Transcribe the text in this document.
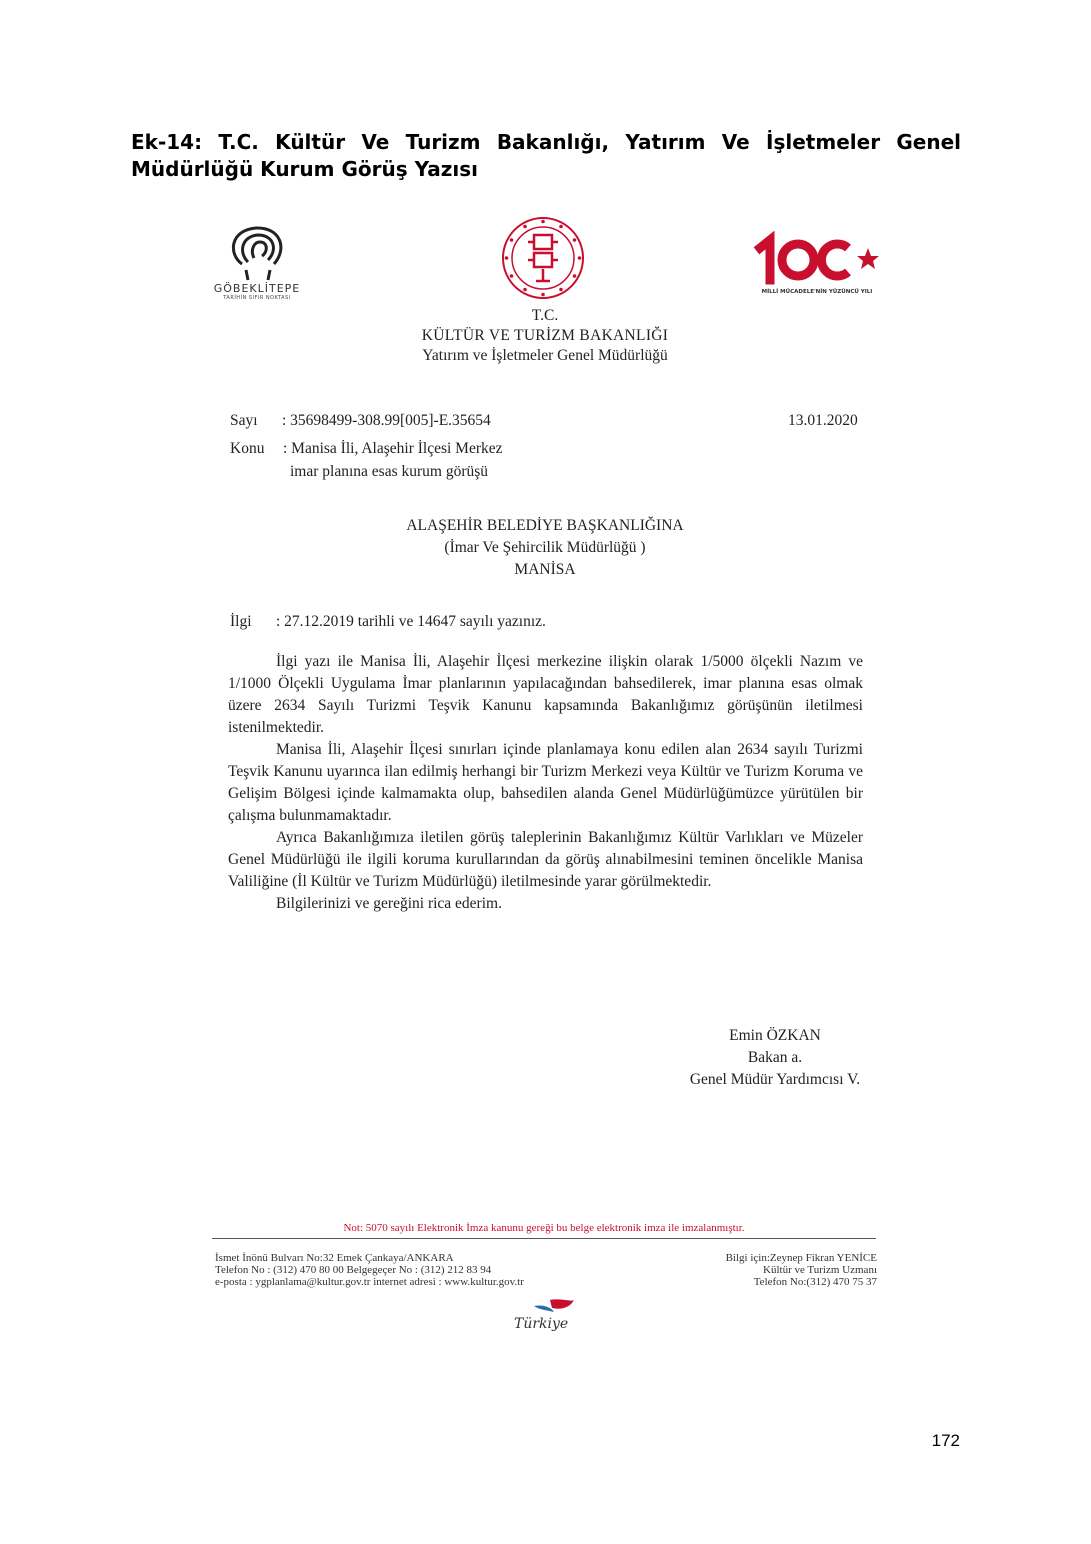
Ek-14: T.C. Kültür Ve Turizm Bakanlığı, Yatırım Ve İşletmeler Genel Müdürlüğü Kurum Görüş Yazısı
GÖBEKLİTEPE
TARİHİN SIFIR NOKTASI
MİLLİ MÜCADELE'NİN YÜZÜNCÜ YILI
T.C.
KÜLTÜR VE TURİZM BAKANLIĞI
Yatırım ve İşletmeler Genel Müdürlüğü
Sayı : 35698499-308.99[005]-E.35654	13.01.2020
Konu : Manisa İli, Alaşehir İlçesi Merkez
imar planına esas kurum görüşü
ALAŞEHİR BELEDİYE BAŞKANLIĞINA
(İmar Ve Şehircilik Müdürlüğü )
MANİSA
İlgi : 27.12.2019 tarihli ve 14647 sayılı yazınız.

İlgi yazı ile Manisa İli, Alaşehir İlçesi merkezine ilişkin olarak 1/5000 ölçekli Nazım ve 1/1000 Ölçekli Uygulama İmar planlarının yapılacağından bahsedilerek, imar planına esas olmak üzere 2634 Sayılı Turizmi Teşvik Kanunu kapsamında Bakanlığımız görüşünün iletilmesi istenilmektedir.

Manisa İli, Alaşehir İlçesi sınırları içinde planlamaya konu edilen alan 2634 sayılı Turizmi Teşvik Kanunu uyarınca ilan edilmiş herhangi bir Turizm Merkezi veya Kültür ve Turizm Koruma ve Gelişim Bölgesi içinde kalmamakta olup, bahsedilen alanda Genel Müdürlüğümüzce yürütülen bir çalışma bulunmamaktadır.

Ayrıca Bakanlığımıza iletilen görüş taleplerinin Bakanlığımız Kültür Varlıkları ve Müzeler Genel Müdürlüğü ile ilgili koruma kurullarından da görüş alınabilmesini teminen öncelikle Manisa Valiliğine (İl Kültür ve Turizm Müdürlüğü) iletilmesinde yarar görülmektedir.

Bilgilerinizi ve gereğini rica ederim.

Emin ÖZKAN
Bakan a.
Genel Müdür Yardımcısı V.
Not: 5070 sayılı Elektronik İmza kanunu gereği bu belge elektronik imza ile imzalanmıştır.
İsmet İnönü Bulvarı No:32 Emek Çankaya/ANKARA
Telefon No : (312) 470 80 00 Belgegeçer No : (312) 212 83 94
e-posta : ygplanlama@kultur.gov.tr internet adresi : www.kultur.gov.tr
Bilgi için:Zeynep Fikran YENİCE
Kültür ve Turizm Uzmanı
Telefon No:(312) 470 75 37
Türkiye
172
